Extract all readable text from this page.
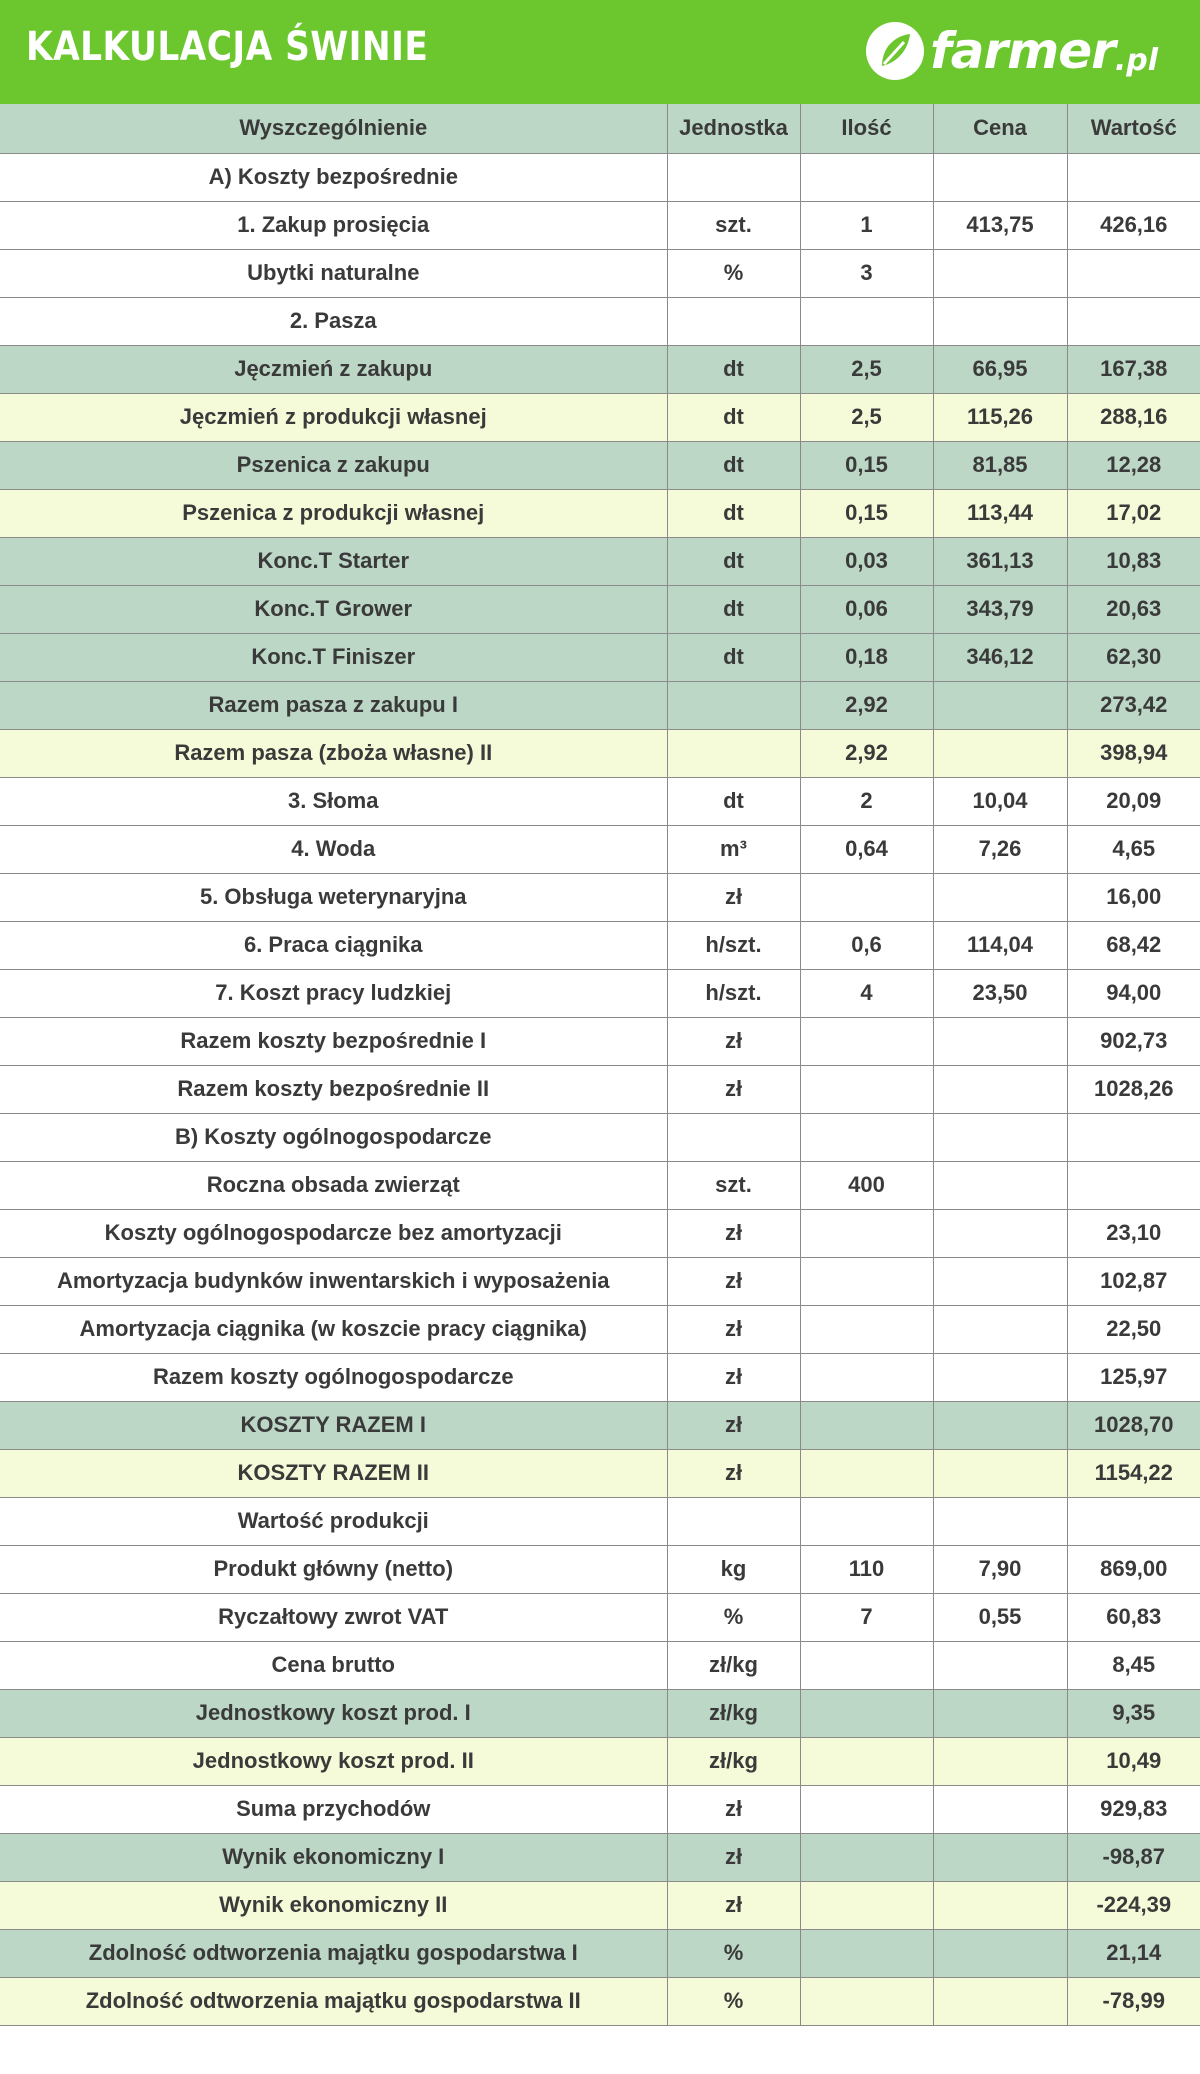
KALKULACJA ŚWINIE	farmer .pl
Wyszczególnienie	Jednostka	Ilość	Cena	Wartość
A) Koszty bezpośrednie				
1. Zakup prosięcia	szt.	1	413,75	426,16
Ubytki naturalne	%	3		
2. Pasza				
Jęczmień z zakupu	dt	2,5	66,95	167,38
Jęczmień z produkcji własnej	dt	2,5	115,26	288,16
Pszenica z zakupu	dt	0,15	81,85	12,28
Pszenica z produkcji własnej	dt	0,15	113,44	17,02
Konc.T Starter	dt	0,03	361,13	10,83
Konc.T Grower	dt	0,06	343,79	20,63
Konc.T Finiszer	dt	0,18	346,12	62,30
Razem pasza z zakupu I		2,92		273,42
Razem pasza (zboża własne) II		2,92		398,94
3. Słoma	dt	2	10,04	20,09
4. Woda	m³	0,64	7,26	4,65
5. Obsługa weterynaryjna	zł			16,00
6. Praca ciągnika	h/szt.	0,6	114,04	68,42
7. Koszt pracy ludzkiej	h/szt.	4	23,50	94,00
Razem koszty bezpośrednie I	zł			902,73
Razem koszty bezpośrednie II	zł			1028,26
B) Koszty ogólnogospodarcze				
Roczna obsada zwierząt	szt.	400		
Koszty ogólnogospodarcze bez amortyzacji	zł			23,10
Amortyzacja budynków inwentarskich i wyposażenia	zł			102,87
Amortyzacja ciągnika (w koszcie pracy ciągnika)	zł			22,50
Razem koszty ogólnogospodarcze	zł			125,97
KOSZTY RAZEM I	zł			1028,70
KOSZTY RAZEM II	zł			1154,22
Wartość produkcji				
Produkt główny (netto)	kg	110	7,90	869,00
Ryczałtowy zwrot VAT	%	7	0,55	60,83
Cena brutto	zł/kg			8,45
Jednostkowy koszt prod. I	zł/kg			9,35
Jednostkowy koszt prod. II	zł/kg			10,49
Suma przychodów	zł			929,83
Wynik ekonomiczny I	zł			-98,87
Wynik ekonomiczny II	zł			-224,39
Zdolność odtworzenia majątku gospodarstwa I	%			21,14
Zdolność odtworzenia majątku gospodarstwa II	%			-78,99
